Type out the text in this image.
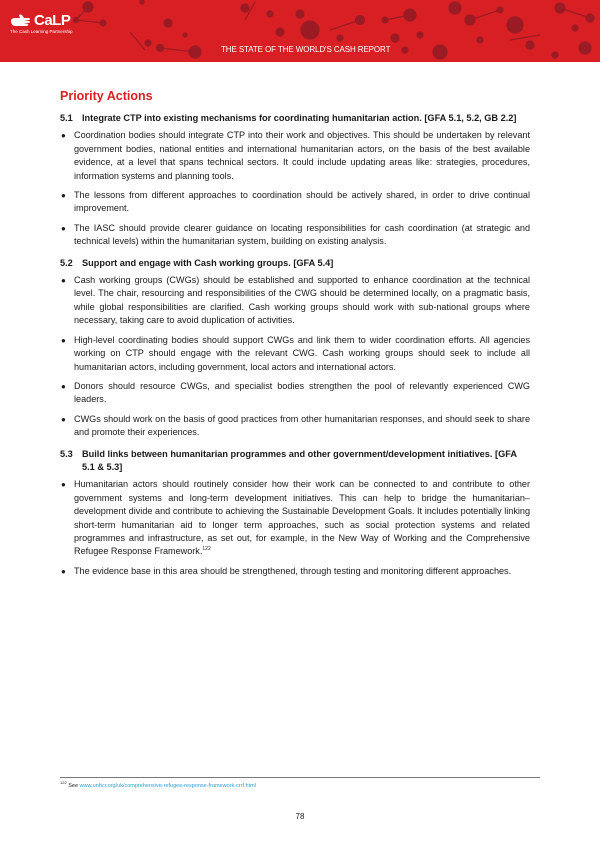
CaLP
The Cash Learning Partnership
THE STATE OF THE WORLD'S CASH REPORT
Priority Actions
5.1	Integrate CTP into existing mechanisms for coordinating humanitarian action. [GFA 5.1, 5.2, GB 2.2]
● Coordination bodies should integrate CTP into their work and objectives. This should be undertaken by relevant government bodies, national entities and international humanitarian actors, on the basis of the best available evidence, at a level that spans technical sectors. It could include updating areas like: strategies, procedures, information systems and planning tools.
● The lessons from different approaches to coordination should be actively shared, in order to drive continual improvement.
● The IASC should provide clearer guidance on locating responsibilities for cash coordination (at strategic and technical levels) within the humanitarian system, building on existing analysis.
5.2	Support and engage with Cash working groups. [GFA 5.4]
● Cash working groups (CWGs) should be established and supported to enhance coordination at the technical level. The chair, resourcing and responsibilities of the CWG should be determined locally, on a pragmatic basis, while global responsibilities are clarified. Cash working groups should work with sub-national groups where necessary, taking care to avoid duplication of activities.
● High-level coordinating bodies should support CWGs and link them to wider coordination efforts. All agencies working on CTP should engage with the relevant CWG. Cash working groups should seek to include all humanitarian actors, including government, local actors and international actors.
● Donors should resource CWGs, and specialist bodies strengthen the pool of relevantly experienced CWG leaders.
● CWGs should work on the basis of good practices from other humanitarian responses, and should seek to share and promote their experiences.
5.3	Build links between humanitarian programmes and other government/development initiatives. [GFA 5.1 & 5.3]
● Humanitarian actors should routinely consider how their work can be connected to and contribute to other government systems and long-term development initiatives. This can help to bridge the humanitarian–development divide and contribute to achieving the Sustainable Development Goals. It includes potentially linking short-term humanitarian aid to longer term approaches, such as social protection systems and related programmes and infrastructure, as set out, for example, in the New Way of Working and the Comprehensive Refugee Response Framework.$^{122}$
● The evidence base in this area should be strengthened, through testing and monitoring different approaches.
$^{122}$ See www.unhcr.org/uk/comprehensive-refugee-response-framework-crrf.html
78
